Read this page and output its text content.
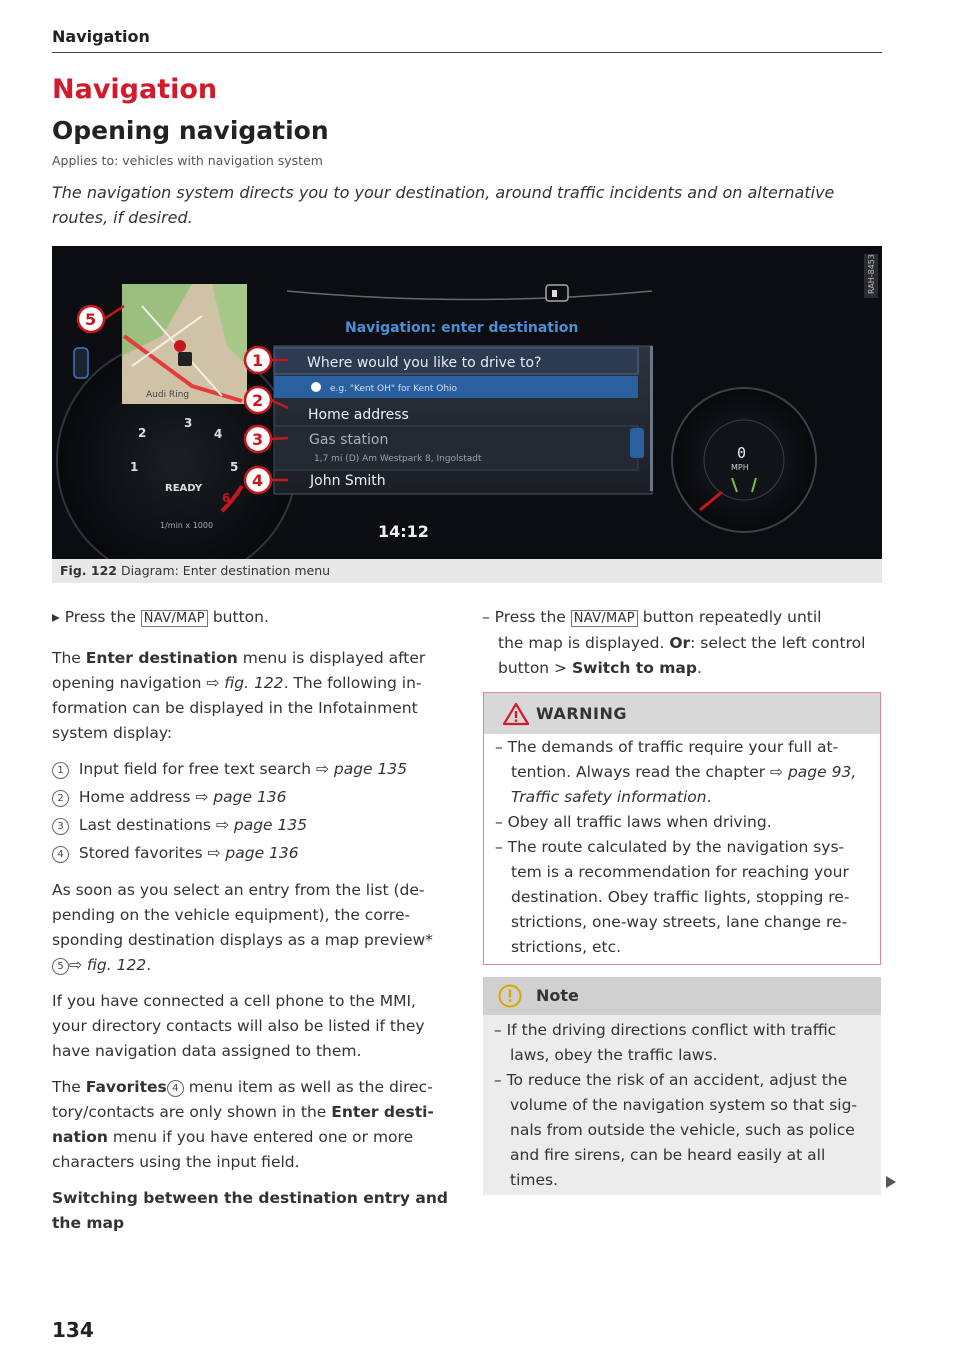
Navigation
Navigation
Opening navigation
Applies to: vehicles with navigation system
The navigation system directs you to your destination, around traffic incidents and on alternative routes, if desired.
RAH-8453
Navigation: enter destination
Audi Ring
2
3
4
1	5
6
READY
1/min x 1000
Where would you like to drive to?
e.g. "Kent OH" for Kent Ohio
Home address
Gas station
1,7 mi (D) Am Westpark 8, Ingolstadt
John Smith
14:12
0
MPH
1
2
3
4
5
Fig. 122 Diagram: Enter destination menu
▸ Press the NAV/MAP button.

The Enter destination menu is displayed after

opening navigation ⇨ fig. 122. The following in-

formation can be displayed in the Infotainment

system display:

1 Input field for free text search ⇨ page 135
2 Home address ⇨ page 136
3 Last destinations ⇨ page 135
4 Stored favorites ⇨ page 136

As soon as you select an entry from the list (de-

pending on the vehicle equipment), the corre-

sponding destination displays as a map preview*

5 ⇨ fig. 122.

If you have connected a cell phone to the MMI,

your directory contacts will also be listed if they

have navigation data assigned to them.

The Favorites 4 menu item as well as the direc-

tory/contacts are only shown in the Enter desti-

nation menu if you have entered one or more

characters using the input field.

Switching between the destination entry and

the map

– Press the NAV/MAP button repeatedly until

the map is displayed. Or: select the left control

button > Switch to map.

WARNING
– The demands of traffic require your full at-
tention. Always read the chapter ⇨ page 93,
Traffic safety information.
– Obey all traffic laws when driving.
– The route calculated by the navigation sys-
tem is a recommendation for reaching your
destination. Obey traffic lights, stopping re-
strictions, one-way streets, lane change re-
strictions, etc.
Note
– If the driving directions conflict with traffic
laws, obey the traffic laws.
– To reduce the risk of an accident, adjust the
volume of the navigation system so that sig-
nals from outside the vehicle, such as police
and fire sirens, can be heard easily at all
times.
134
